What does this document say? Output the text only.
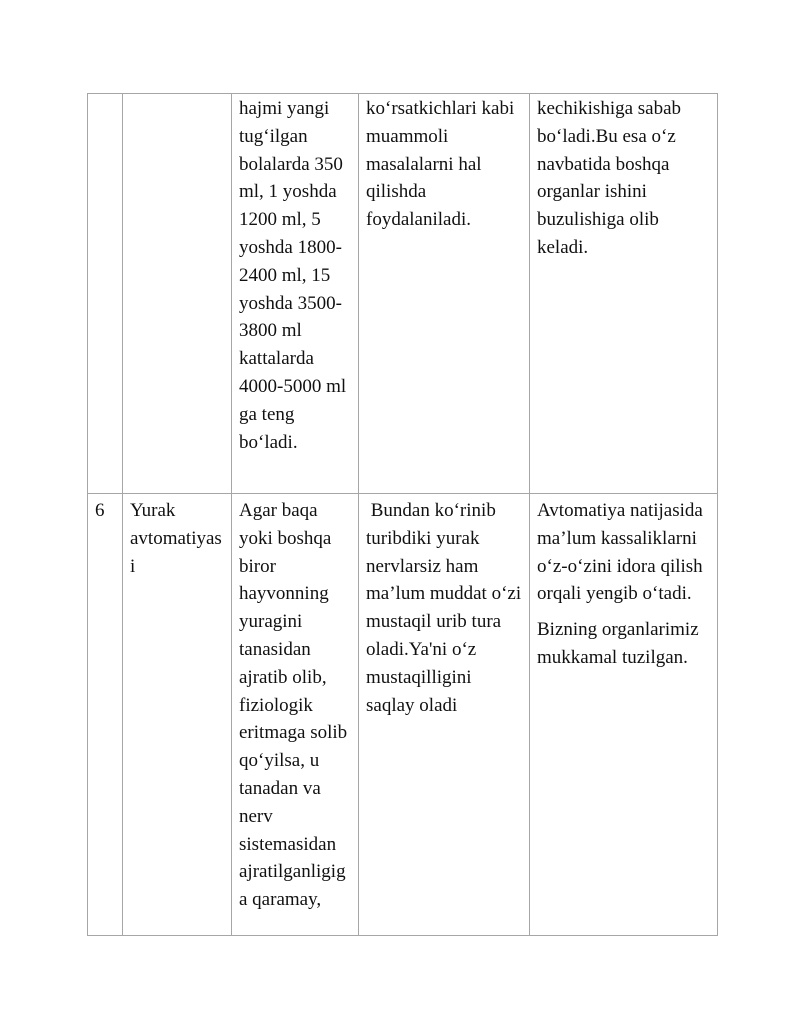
		hajmi yangi tug‘ilgan bolalarda 350 ml, 1 yoshda 1200 ml, 5 yoshda 1800-2400 ml, 15 yoshda 3500-3800 ml kattalarda 4000-5000 ml ga teng bo‘ladi.	ko‘rsatkichlari kabi muammoli masalalarni hal qilishda foydalaniladi.	kechikishiga sabab bo‘ladi.Bu esa o‘z navbatida boshqa organlar ishini buzulishiga olib keladi.

6	Yurak avtomatiyasi	Agar baqa yoki boshqa biror hayvonning yuragini tanasidan ajratib olib, fiziologik eritmaga solib qo‘yilsa, u tanadan va nerv sistemasidan ajratilganligiga qaramay,	Bundan ko‘rinib turibdiki yurak nervlarsiz ham ma’lum muddat o‘zi mustaqil urib tura oladi.Ya'ni o‘z mustaqilligini saqlay oladi	Avtomatiya natijasida ma’lum kassaliklarni o‘z-o‘zini idora qilish orqali yengib o‘tadi.

Bizning organlarimiz mukkamal tuzilgan.
